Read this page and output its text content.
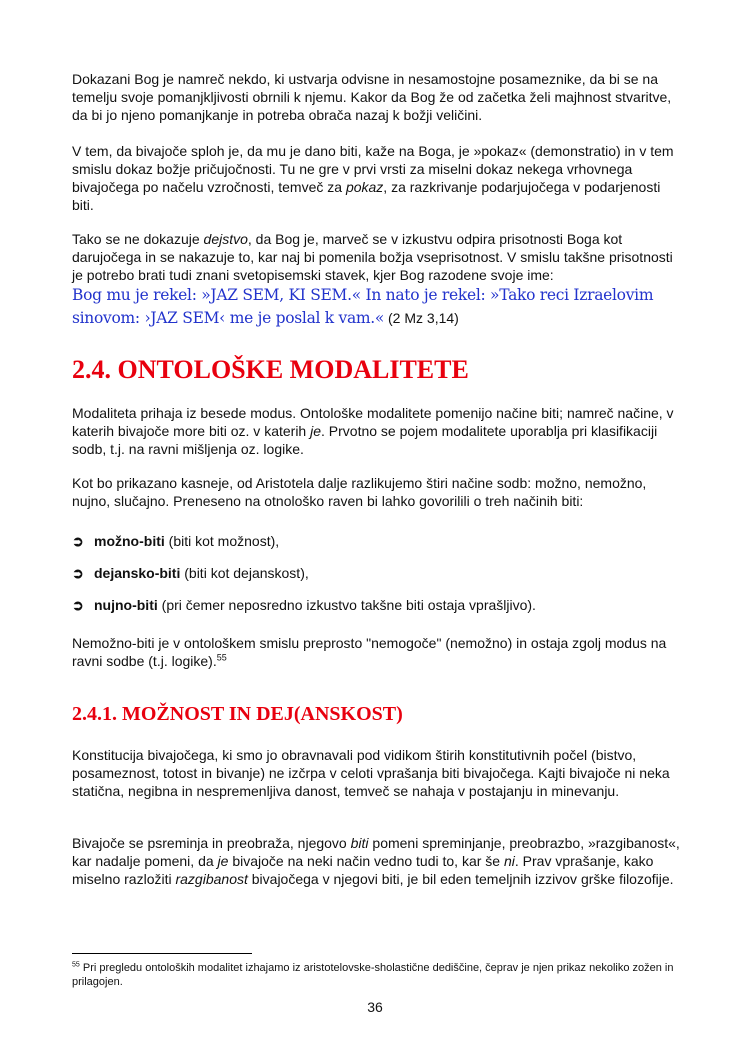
Dokazani Bog je namreč nekdo, ki ustvarja odvisne in nesamostojne posameznike, da bi se na temelju svoje pomanjkljivosti obrnili k njemu. Kakor da Bog že od začetka želi majhnost stvaritve, da bi jo njeno pomanjkanje in potreba obrača nazaj k božji veličini.

V tem, da bivajoče sploh je, da mu je dano biti, kaže na Boga, je »pokaz« (demonstratio) in v tem smislu dokaz božje pričujočnosti. Tu ne gre v prvi vrsti za miselni dokaz nekega vrhovnega bivajočega po načelu vzročnosti, temveč za pokaz, za razkrivanje podarjujočega v podarjenosti biti.

Tako se ne dokazuje dejstvo, da Bog je, marveč se v izkustvu odpira prisotnosti Boga kot darujočega in se nakazuje to, kar naj bi pomenila božja vseprisotnost. V smislu takšne prisotnosti je potrebo brati tudi znani svetopisemski stavek, kjer Bog razodene svoje ime:
Bog mu je rekel: »JAZ SEM, KI SEM.« In nato je rekel: »Tako reci Izraelovim sinovom: ›JAZ SEM‹ me je poslal k vam.« (2 Mz 3,14)

2.4. ONTOLOŠKE MODALITETE

Modaliteta prihaja iz besede modus. Ontološke modalitete pomenijo načine biti; namreč načine, v katerih bivajoče more biti oz. v katerih je. Prvotno se pojem modalitete uporablja pri klasifikaciji sodb, t.j. na ravni mišljenja oz. logike.

Kot bo prikazano kasneje, od Aristotela dalje razlikujemo štiri načine sodb: možno, nemožno, nujno, slučajno. Preneseno na otnološko raven bi lahko govorilili o treh načinih biti:

➲ možno-biti (biti kot možnost),
➲ dejansko-biti (biti kot dejanskost),
➲ nujno-biti (pri čemer neposredno izkustvo takšne biti ostaja vprašljivo).

Nemožno-biti je v ontološkem smislu preprosto "nemogoče" (nemožno) in ostaja zgolj modus na ravni sodbe (t.j. logike).$^{55}$

2.4.1. MOŽNOST IN DEJ(ANSKOST)

Konstitucija bivajočega, ki smo jo obravnavali pod vidikom štirih konstitutivnih počel (bistvo, posameznost, totost in bivanje) ne izčrpa v celoti vprašanja biti bivajočega. Kajti bivajoče ni neka statična, negibna in nespremenljiva danost, temveč se nahaja v postajanju in minevanju.

Bivajoče se psreminja in preobraža, njegovo biti pomeni spreminjanje, preobrazbo, »razgibanost«, kar nadalje pomeni, da je bivajoče na neki način vedno tudi to, kar še ni. Prav vprašanje, kako miselno razložiti razgibanost bivajočega v njegovi biti, je bil eden temeljnih izzivov grške filozofije.

$^{55}$ Pri pregledu ontoloških modalitet izhajamo iz aristotelovske-sholastične dediščine, čeprav je njen prikaz nekoliko zožen in prilagojen.

36
